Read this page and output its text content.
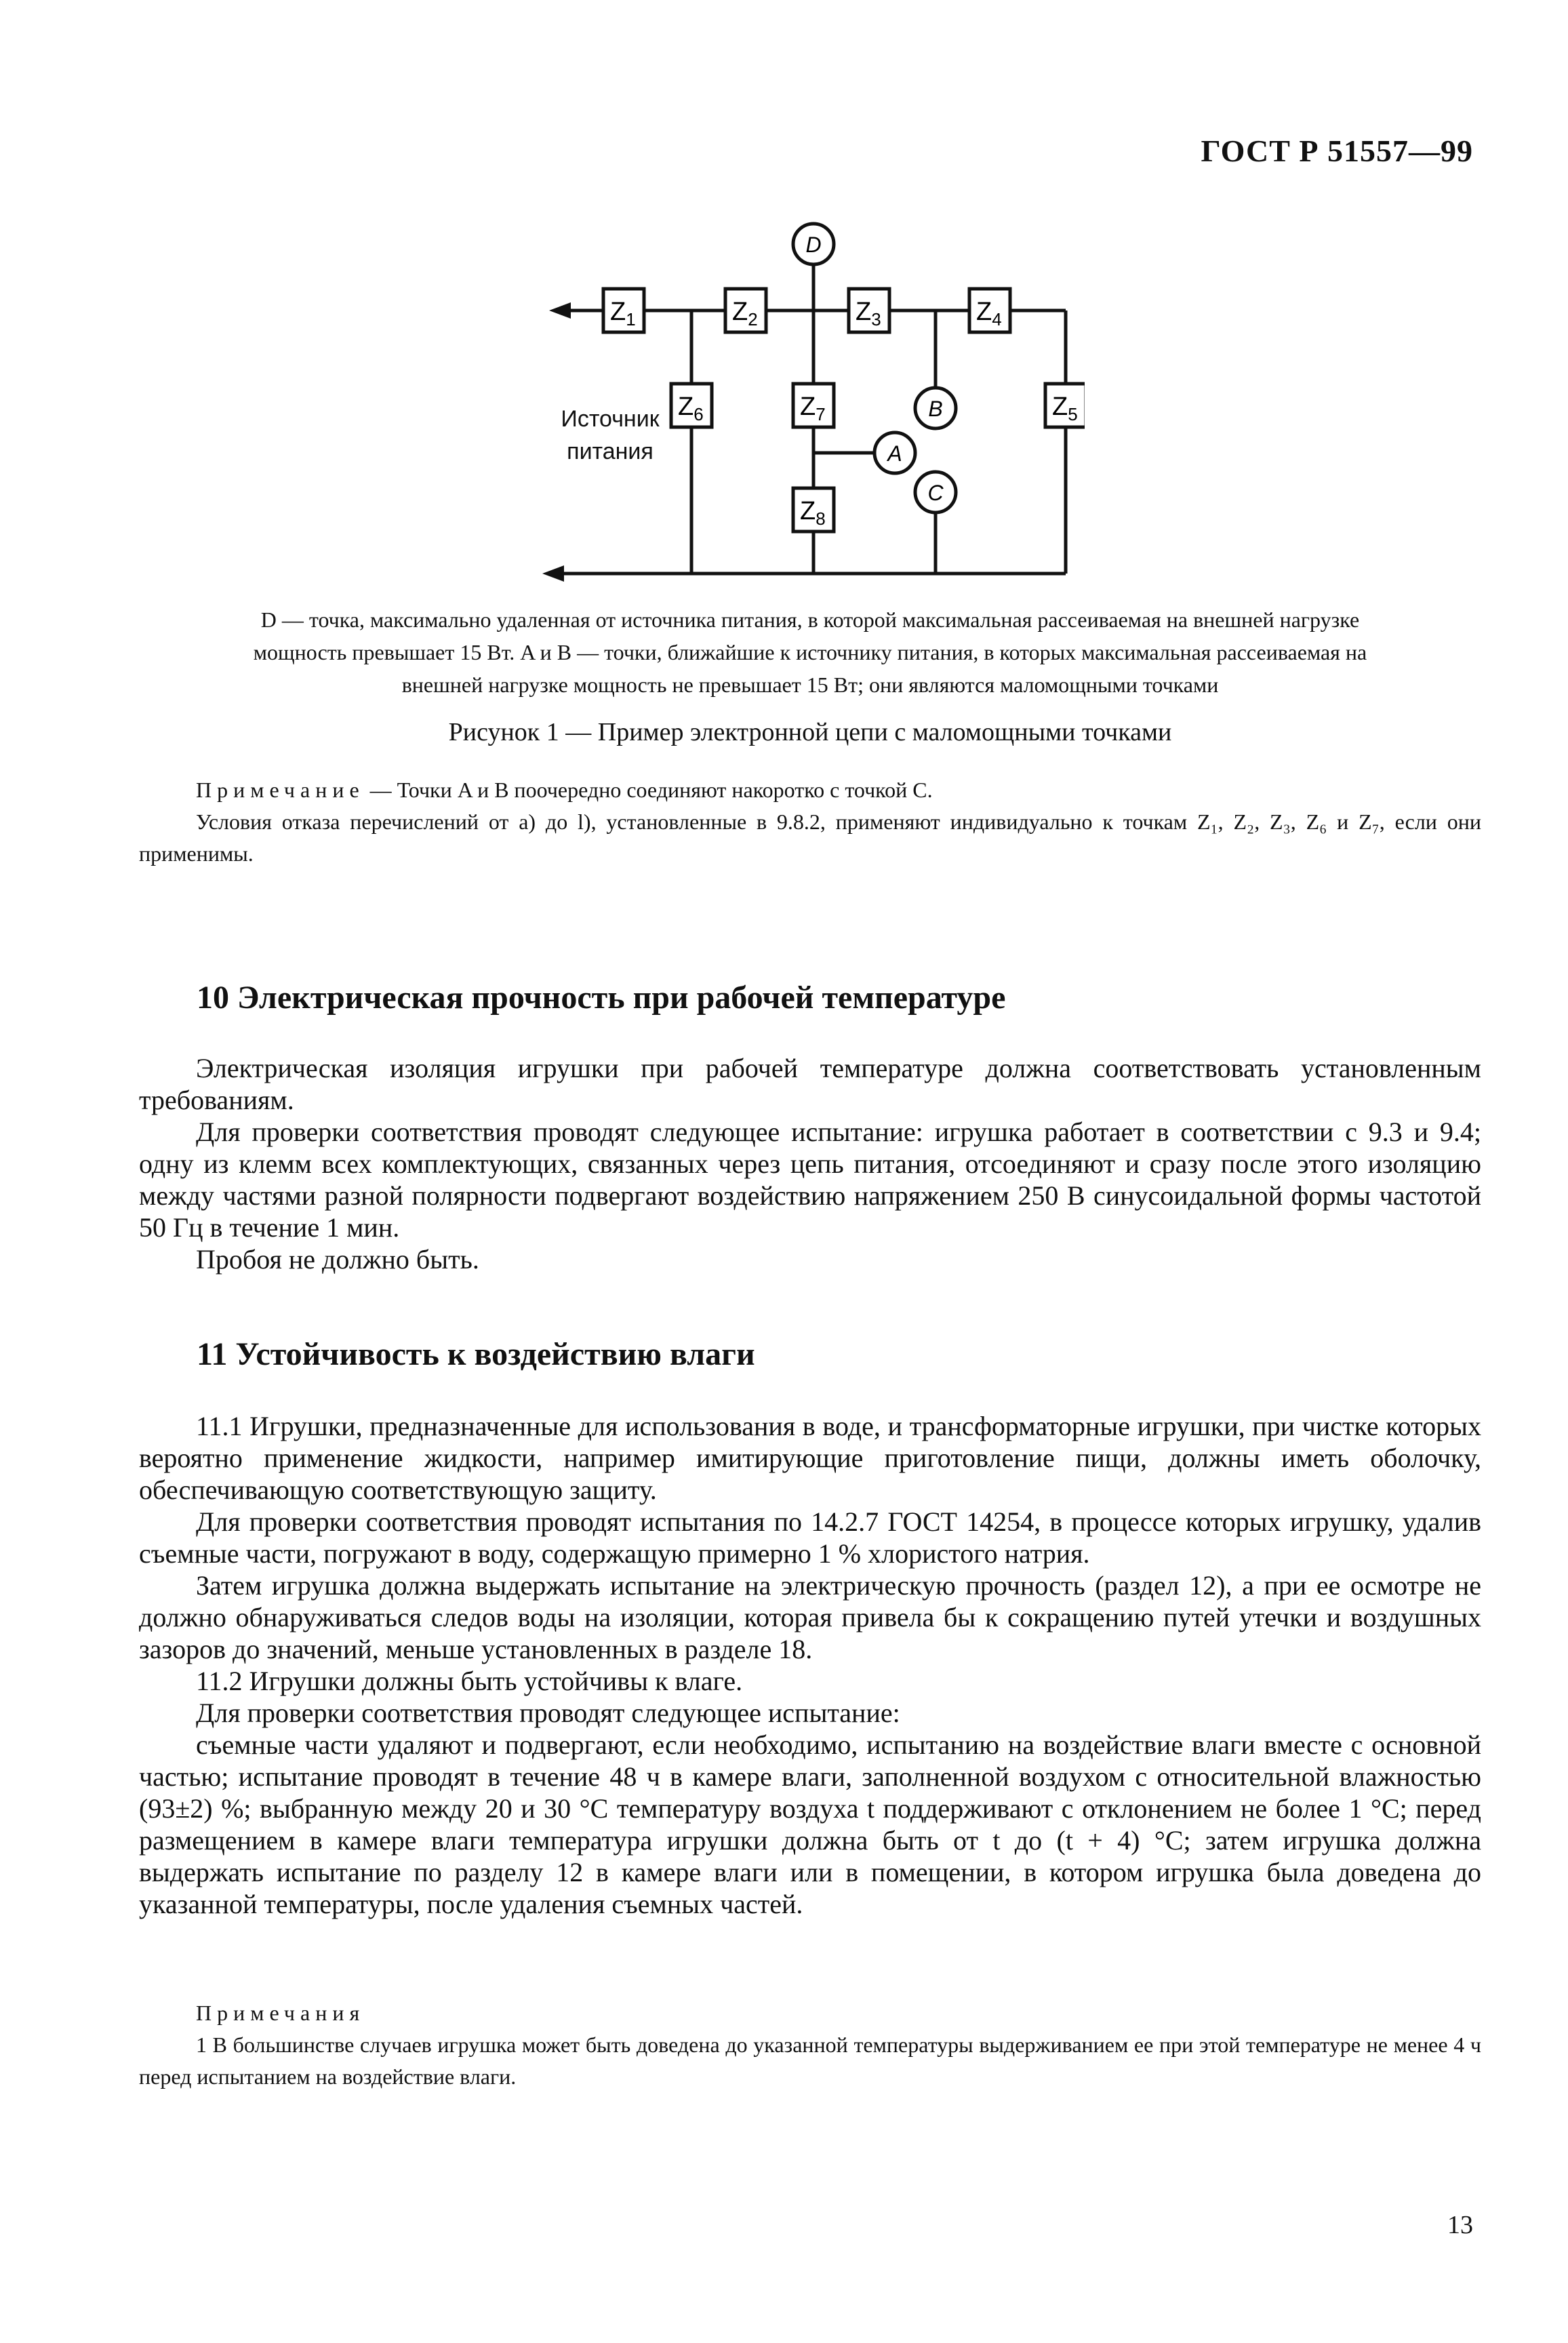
ГОСТ Р 51557—99
$Z_1$	$Z_2$	$Z_3$	$Z_4$
$Z_5$
$Z_6$	$Z_7$
$Z_8$
D
B
A
C
Источник
питания
D — точка, максимально удаленная от источника питания, в которой максимальная рассеиваемая на внешней нагрузке
мощность превышает 15 Вт. A и B — точки, ближайшие к источнику питания, в которых максимальная рассеиваемая на
внешней нагрузке мощность не превышает 15 Вт; они являются маломощными точками
Рисунок 1 — Пример электронной цепи с маломощными точками
Примечание — Точки A и B поочередно соединяют накоротко с точкой C.
Условия отказа перечислений от а) до l), установленные в 9.8.2, применяют индивидуально к точкам Z₁, Z₂, Z₃, Z₆ и Z₇, если они применимы.
10 Электрическая прочность при рабочей температуре

Электрическая изоляция игрушки при рабочей температуре должна соответствовать установленным требованиям.

Для проверки соответствия проводят следующее испытание: игрушка работает в соответствии с 9.3 и 9.4; одну из клемм всех комплектующих, связанных через цепь питания, отсоединяют и сразу после этого изоляцию между частями разной полярности подвергают воздействию напряжением 250 В синусоидальной формы частотой 50 Гц в течение 1 мин.

Пробоя не должно быть.

11 Устойчивость к воздействию влаги

11.1 Игрушки, предназначенные для использования в воде, и трансформаторные игрушки, при чистке которых вероятно применение жидкости, например имитирующие приготовление пищи, должны иметь оболочку, обеспечивающую соответствующую защиту.

Для проверки соответствия проводят испытания по 14.2.7 ГОСТ 14254, в процессе которых игрушку, удалив съемные части, погружают в воду, содержащую примерно 1 % хлористого натрия.

Затем игрушка должна выдержать испытание на электрическую прочность (раздел 12), а при ее осмотре не должно обнаруживаться следов воды на изоляции, которая привела бы к сокращению путей утечки и воздушных зазоров до значений, меньше установленных в разделе 18.

11.2 Игрушки должны быть устойчивы к влаге.

Для проверки соответствия проводят следующее испытание:

съемные части удаляют и подвергают, если необходимо, испытанию на воздействие влаги вместе с основной частью; испытание проводят в течение 48 ч в камере влаги, заполненной воздухом с относительной влажностью (93±2) %; выбранную между 20 и 30 °С температуру воздуха t поддерживают с отклонением не более 1 °С; перед размещением в камере влаги температура игрушки должна быть от t до (t + 4) °С; затем игрушка должна выдержать испытание по разделу 12 в камере влаги или в помещении, в котором игрушка была доведена до указанной температуры, после удаления съемных частей.

Примечания
1 В большинстве случаев игрушка может быть доведена до указанной температуры выдерживанием ее при этой температуре не менее 4 ч перед испытанием на воздействие влаги.
13
